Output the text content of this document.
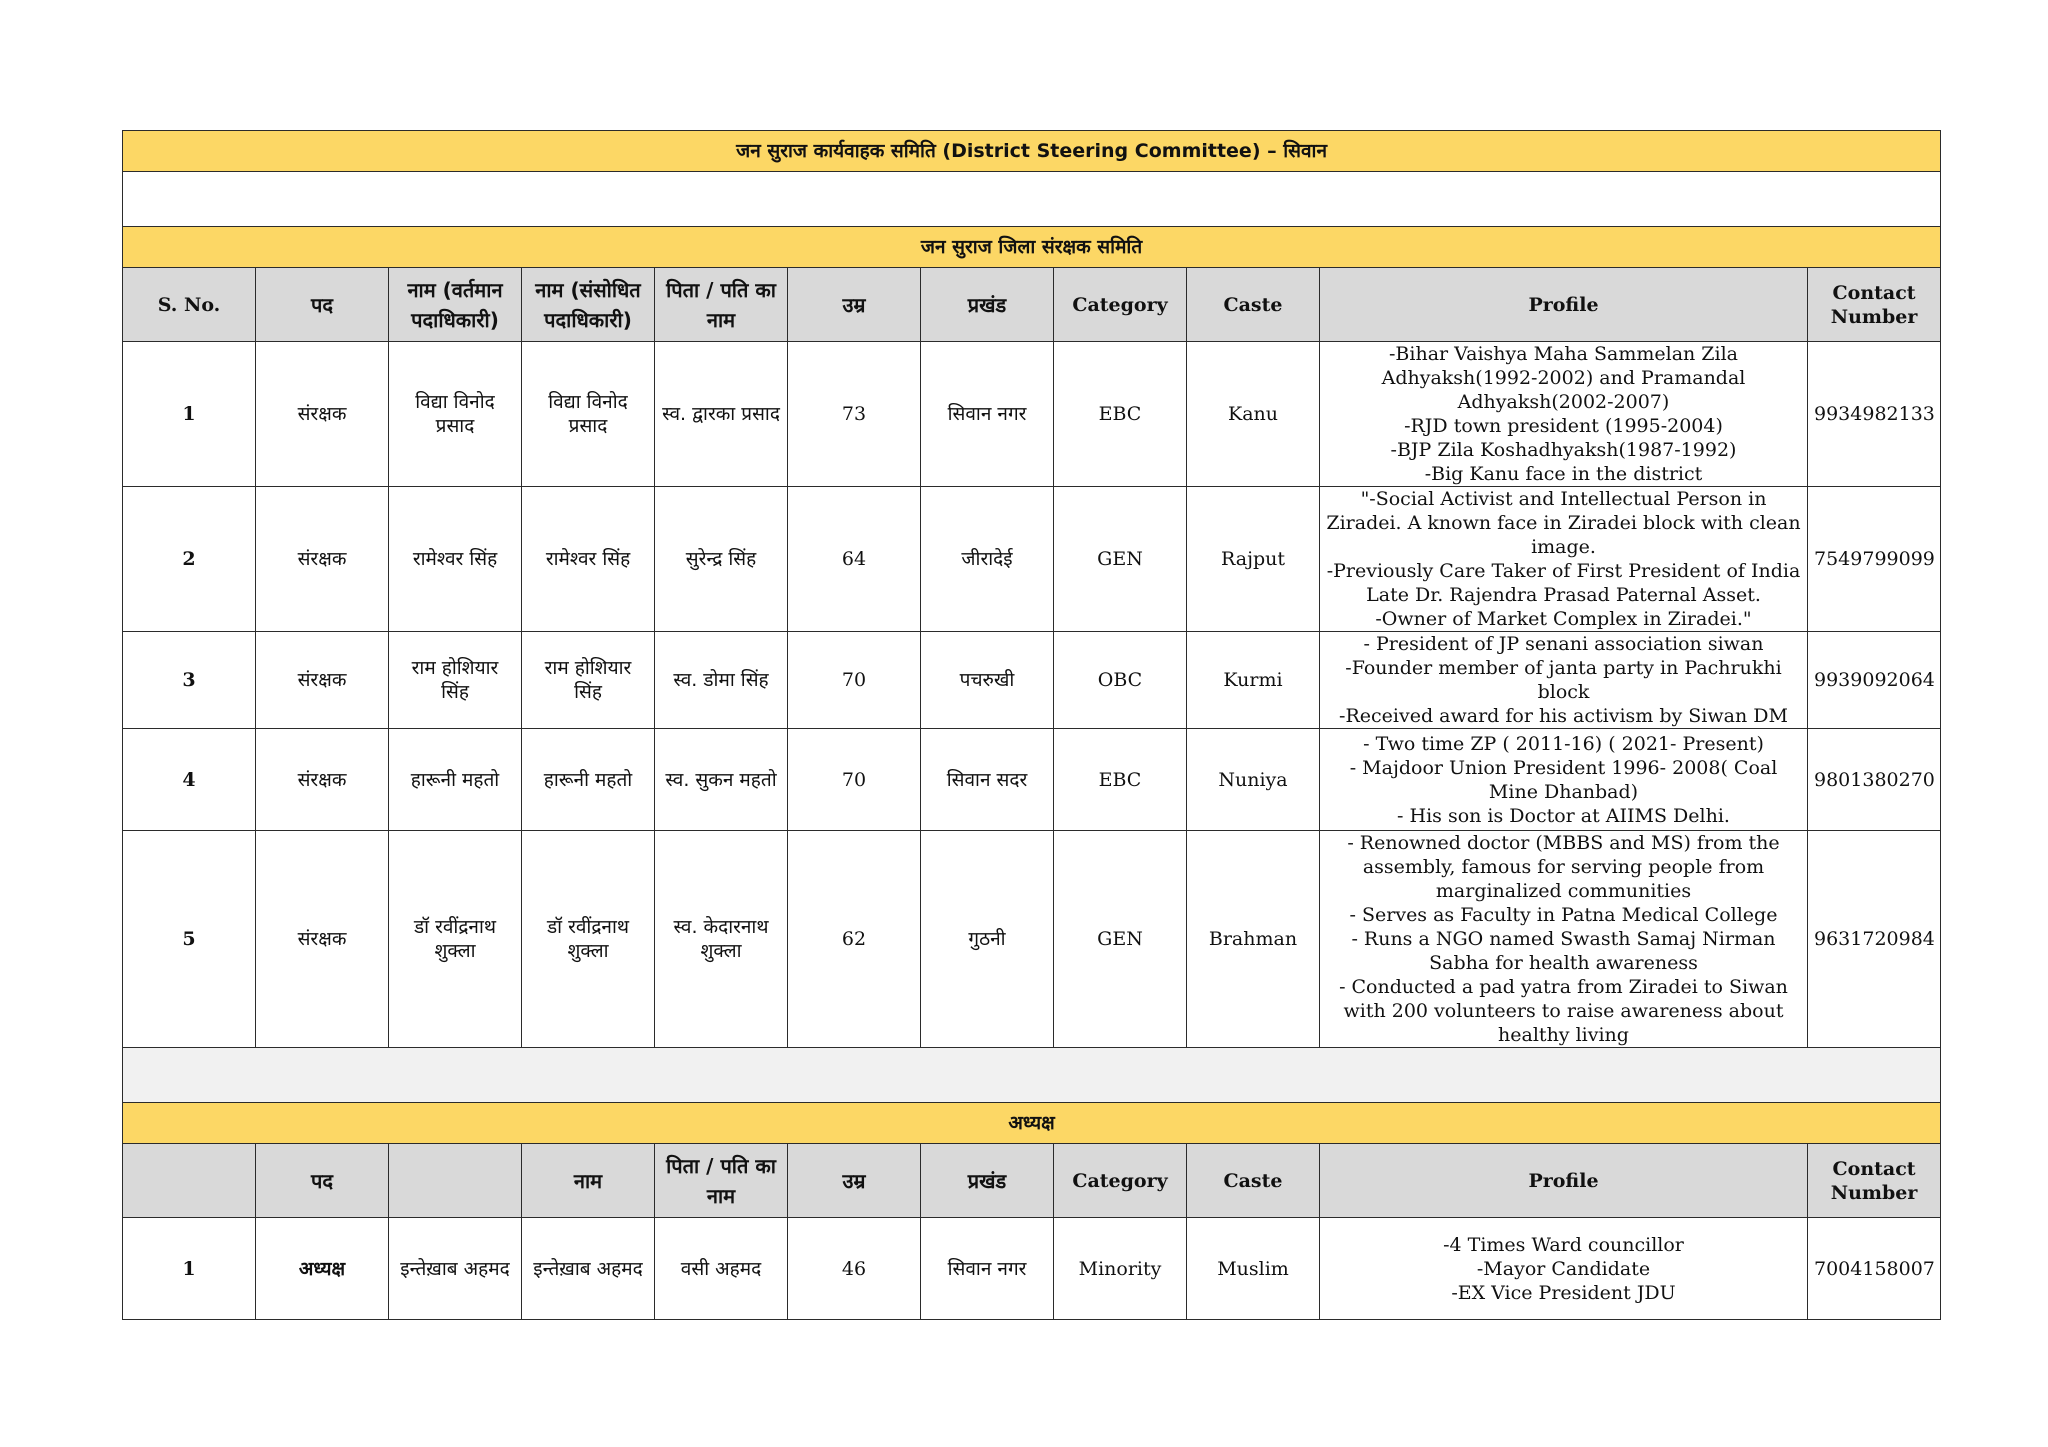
जन सुराज कार्यवाहक समिति (District Steering Committee) – सिवान										

जन सुराज जिला संरक्षक समिति										
S. No.	पद	नाम (वर्तमान पदाधिकारी)	नाम (संसोधित पदाधिकारी)	पिता / पति का नाम	उम्र	प्रखंड	Category	Caste	Profile	Contact Number
1	संरक्षक	विद्या विनोद प्रसाद	विद्या विनोद प्रसाद	स्व. द्वारका प्रसाद	73	सिवान नगर	EBC	Kanu	-Bihar Vaishya Maha Sammelan Zila Adhyaksh(1992-2002) and Pramandal Adhyaksh(2002-2007)
-RJD town president (1995-2004)
-BJP Zila Koshadhyaksh(1987-1992)
-Big Kanu face in the district	9934982133
2	संरक्षक	रामेश्वर सिंह	रामेश्वर सिंह	सुरेन्द्र सिंह	64	जीरादेई	GEN	Rajput	"-Social Activist and Intellectual Person in Ziradei. A known face in Ziradei block with clean image.
-Previously Care Taker of First President of India Late Dr. Rajendra Prasad Paternal Asset.
-Owner of Market Complex in Ziradei."	7549799099
3	संरक्षक	राम होशियार सिंह	राम होशियार सिंह	स्व. डोमा सिंह	70	पचरुखी	OBC	Kurmi	- President of JP senani association siwan
-Founder member of janta party in Pachrukhi block
-Received award for his activism by Siwan DM	9939092064
4	संरक्षक	हारूनी महतो	हारूनी महतो	स्व. सुकन महतो	70	सिवान सदर	EBC	Nuniya	- Two time ZP ( 2011-16) ( 2021- Present)
- Majdoor Union President 1996- 2008( Coal Mine Dhanbad)
- His son is Doctor at AIIMS Delhi.	9801380270
5	संरक्षक	डॉ रवींद्रनाथ शुक्ला	डॉ रवींद्रनाथ शुक्ला	स्व. केदारनाथ शुक्ला	62	गुठनी	GEN	Brahman	- Renowned doctor (MBBS and MS) from the assembly, famous for serving people from marginalized communities
- Serves as Faculty in Patna Medical College
- Runs a NGO named Swasth Samaj Nirman Sabha for health awareness
- Conducted a pad yatra from Ziradei to Siwan with 200 volunteers to raise awareness about healthy living	9631720984

अध्यक्ष										
	पद		नाम	पिता / पति का नाम	उम्र	प्रखंड	Category	Caste	Profile	Contact Number
1	अध्यक्ष	इन्तेख़ाब अहमद	इन्तेख़ाब अहमद	वसी अहमद	46	सिवान नगर	Minority	Muslim	-4 Times Ward councillor
-Mayor Candidate
-EX Vice President JDU	7004158007
